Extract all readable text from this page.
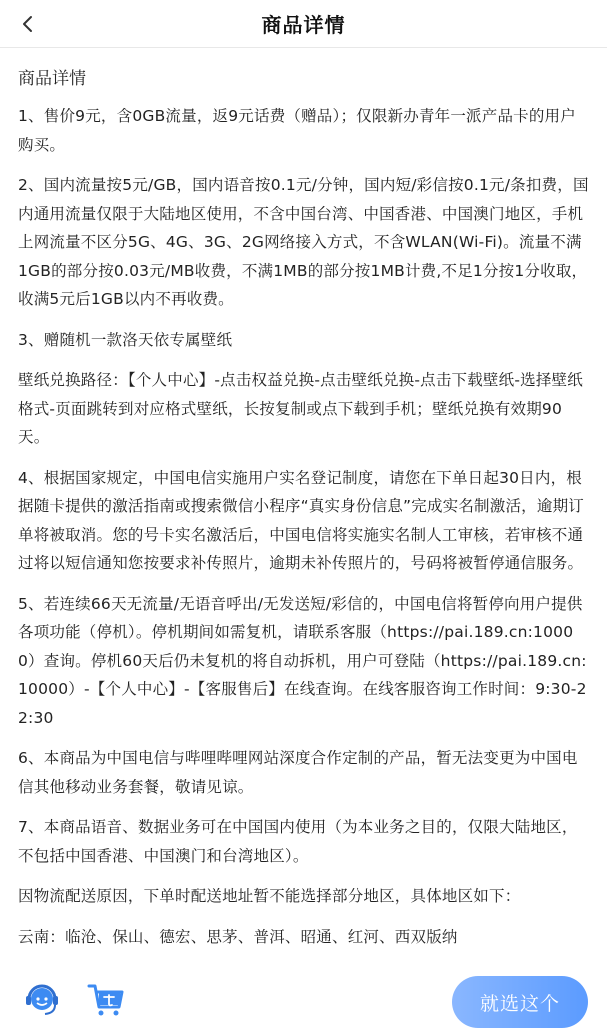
商品详情
商品详情

1、售价9元，含0GB流量，返9元话费（赠品）；仅限新办青年一派产品卡的用户购买。

2、国内流量按5元/GB，国内语音按0.1元/分钟，国内短/彩信按0.1元/条扣费，国内通用流量仅限于大陆地区使用，不含中国台湾、中国香港、中国澳门地区，手机上网流量不区分5G、4G、3G、2G网络接入方式，不含WLAN(Wi-Fi)。流量不满1GB的部分按0.03元/MB收费，不满1MB的部分按1MB计费,不足1分按1分收取，收满5元后1GB以内不再收费。

3、赠随机一款洛天依专属壁纸

壁纸兑换路径：【个人中心】-点击权益兑换-点击壁纸兑换-点击下载壁纸-选择壁纸格式-页面跳转到对应格式壁纸，长按复制或点下载到手机；壁纸兑换有效期90天。

4、根据国家规定，中国电信实施用户实名登记制度，请您在下单日起30日内，根据随卡提供的激活指南或搜索微信小程序“真实身份信息”完成实名制激活，逾期订单将被取消。您的号卡实名激活后，中国电信将实施实名制人工审核，若审核不通过将以短信通知您按要求补传照片，逾期未补传照片的，号码将被暂停通信服务。

5、若连续66天无流量/无语音呼出/无发送短/彩信的，中国电信将暂停向用户提供各项功能（停机）。停机期间如需复机，请联系客服（https://pai.189.cn:10000）查询。停机60天后仍未复机的将自动拆机，用户可登陆（https://pai.189.cn:10000）-【个人中心】-【客服售后】在线查询。在线客服咨询工作时间：9:30-22:30

6、本商品为中国电信与哔哩哔哩网站深度合作定制的产品，暂无法变更为中国电信其他移动业务套餐，敬请见谅。

7、本商品语音、数据业务可在中国国内使用（为本业务之目的，仅限大陆地区，不包括中国香港、中国澳门和台湾地区）。

因物流配送原因，下单时配送地址暂不能选择部分地区，具体地区如下：

云南：临沧、保山、德宏、思茅、普洱、昭通、红河、西双版纳

就选这个
